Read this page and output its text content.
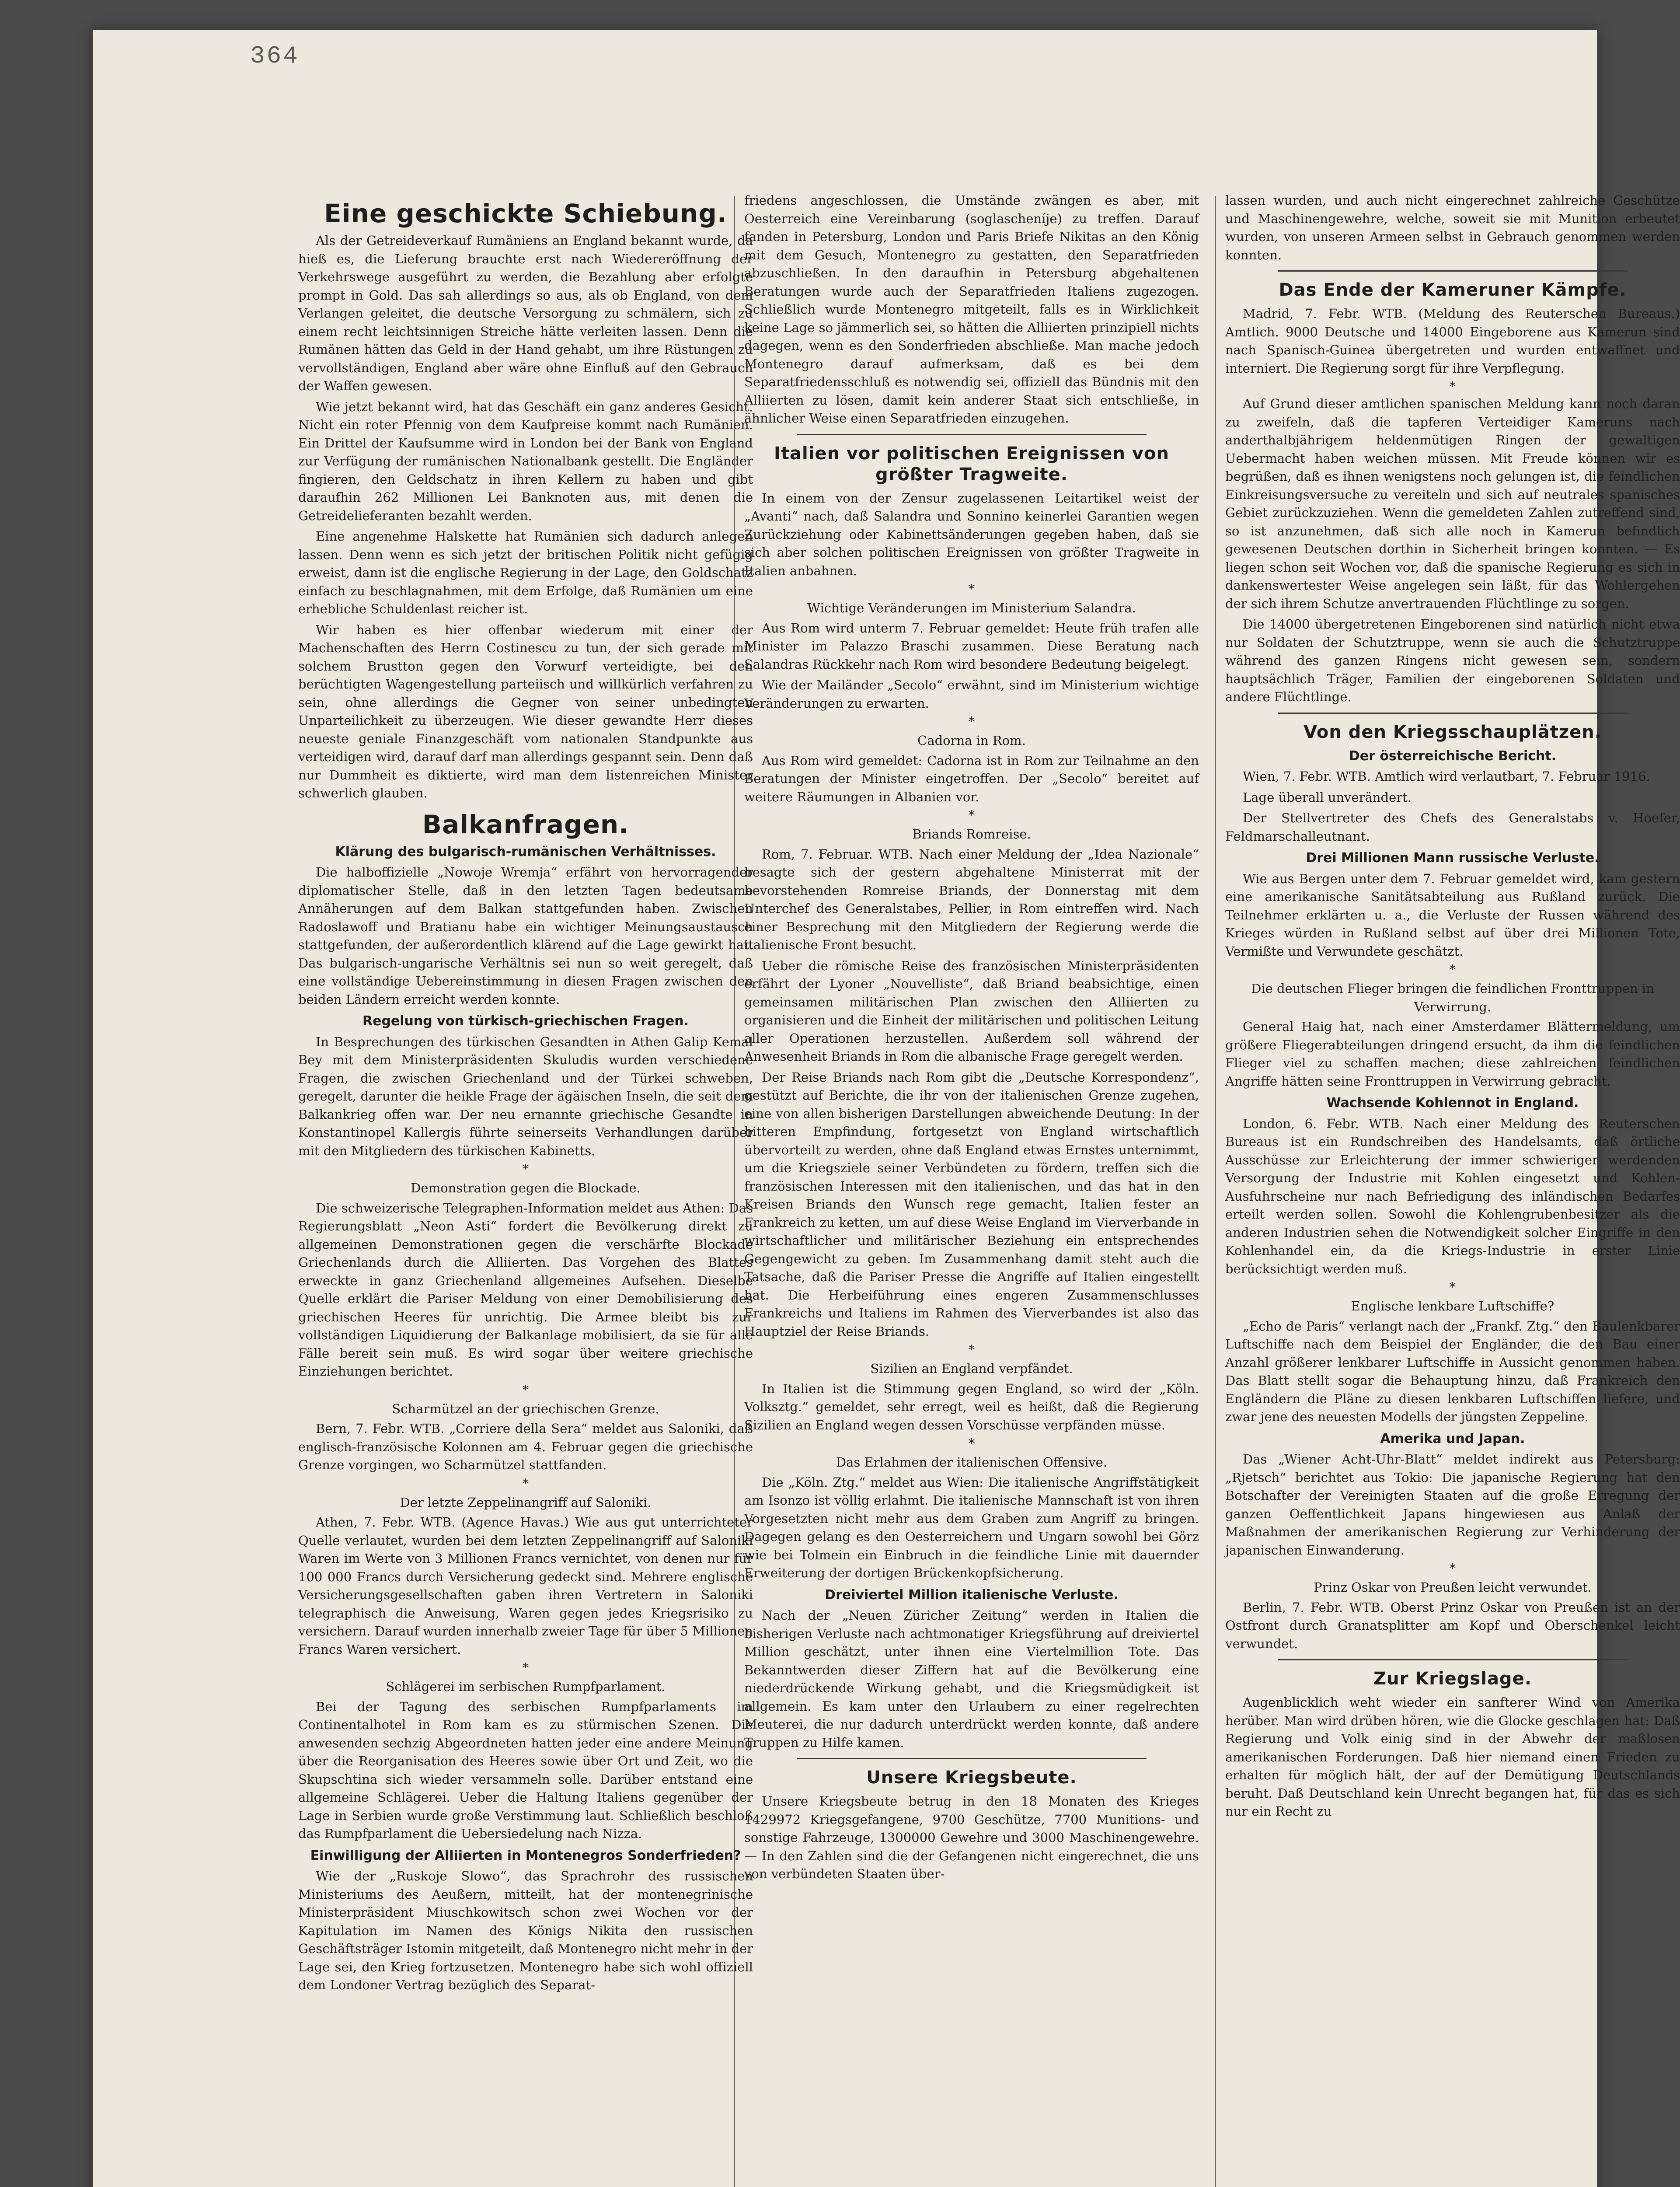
364
Eine geschickte Schiebung.

Als der Getreideverkauf Rumäniens an England bekannt wurde, da hieß es, die Lieferung brauchte erst nach Wiedereröffnung der Verkehrswege ausgeführt zu werden, die Bezahlung aber erfolgte prompt in Gold. Das sah allerdings so aus, als ob England, von dem Verlangen geleitet, die deutsche Versorgung zu schmälern, sich zu einem recht leichtsinnigen Streiche hätte verleiten lassen. Denn die Rumänen hätten das Geld in der Hand gehabt, um ihre Rüstungen zu vervollständigen, England aber wäre ohne Einfluß auf den Gebrauch der Waffen gewesen.

Wie jetzt bekannt wird, hat das Geschäft ein ganz anderes Gesicht. Nicht ein roter Pfennig von dem Kaufpreise kommt nach Rumänien. Ein Drittel der Kaufsumme wird in London bei der Bank von England zur Verfügung der rumänischen Nationalbank gestellt. Die Engländer fingieren, den Geldschatz in ihren Kellern zu haben und gibt daraufhin 262 Millionen Lei Banknoten aus, mit denen die Getreidelieferanten bezahlt werden.

Eine angenehme Halskette hat Rumänien sich dadurch anlegen lassen. Denn wenn es sich jetzt der britischen Politik nicht gefügig erweist, dann ist die englische Regierung in der Lage, den Goldschatz einfach zu beschlagnahmen, mit dem Erfolge, daß Rumänien um eine erhebliche Schuldenlast reicher ist.

Wir haben es hier offenbar wiederum mit einer der Machenschaften des Herrn Costinescu zu tun, der sich gerade mit solchem Brustton gegen den Vorwurf verteidigte, bei den berüchtigten Wagengestellung parteiisch und willkürlich verfahren zu sein, ohne allerdings die Gegner von seiner unbedingten Unparteilichkeit zu überzeugen. Wie dieser gewandte Herr dieses neueste geniale Finanzgeschäft vom nationalen Standpunkte aus verteidigen wird, darauf darf man allerdings gespannt sein. Denn daß nur Dummheit es diktierte, wird man dem listenreichen Minister schwerlich glauben.

Balkanfragen.
Klärung des bulgarisch-rumänischen Verhältnisses.

Die halboffizielle „Nowoje Wremja“ erfährt von hervorragender diplomatischer Stelle, daß in den letzten Tagen bedeutsame Annäherungen auf dem Balkan stattgefunden haben. Zwischen Radoslawoff und Bratianu habe ein wichtiger Meinungsaustausch stattgefunden, der außerordentlich klärend auf die Lage gewirkt hat. Das bulgarisch-ungarische Verhältnis sei nun so weit geregelt, daß eine vollständige Uebereinstimmung in diesen Fragen zwischen den beiden Ländern erreicht werden konnte.

Regelung von türkisch-griechischen Fragen.

In Besprechungen des türkischen Gesandten in Athen Galip Kemal Bey mit dem Ministerpräsidenten Skuludis wurden verschiedene Fragen, die zwischen Griechenland und der Türkei schweben, geregelt, darunter die heikle Frage der ägäischen Inseln, die seit dem Balkankrieg offen war. Der neu ernannte griechische Gesandte in Konstantinopel Kallergis führte seinerseits Verhandlungen darüber mit den Mitgliedern des türkischen Kabinetts.

*
Demonstration gegen die Blockade.

Die schweizerische Telegraphen-Information meldet aus Athen: Das Regierungsblatt „Neon Asti“ fordert die Bevölkerung direkt zu allgemeinen Demonstrationen gegen die verschärfte Blockade Griechenlands durch die Alliierten. Das Vorgehen des Blattes erweckte in ganz Griechenland allgemeines Aufsehen. Dieselbe Quelle erklärt die Pariser Meldung von einer Demobilisierung des griechischen Heeres für unrichtig. Die Armee bleibt bis zur vollständigen Liquidierung der Balkanlage mobilisiert, da sie für alle Fälle bereit sein muß. Es wird sogar über weitere griechische Einziehungen berichtet.

*
Scharmützel an der griechischen Grenze.

Bern, 7. Febr. WTB. „Corriere della Sera“ meldet aus Saloniki, daß englisch-französische Kolonnen am 4. Februar gegen die griechische Grenze vorgingen, wo Scharmützel stattfanden.

*
Der letzte Zeppelinangriff auf Saloniki.

Athen, 7. Febr. WTB. (Agence Havas.) Wie aus gut unterrichteter Quelle verlautet, wurden bei dem letzten Zeppelinangriff auf Saloniki Waren im Werte von 3 Millionen Francs vernichtet, von denen nur für 100 000 Francs durch Versicherung gedeckt sind. Mehrere englische Versicherungsgesellschaften gaben ihren Vertretern in Saloniki telegraphisch die Anweisung, Waren gegen jedes Kriegsrisiko zu versichern. Darauf wurden innerhalb zweier Tage für über 5 Millionen Francs Waren versichert.

*
Schlägerei im serbischen Rumpfparlament.

Bei der Tagung des serbischen Rumpfparlaments im Continentalhotel in Rom kam es zu stürmischen Szenen. Die anwesenden sechzig Abgeordneten hatten jeder eine andere Meinung über die Reorganisation des Heeres sowie über Ort und Zeit, wo die Skupschtina sich wieder versammeln solle. Darüber entstand eine allgemeine Schlägerei. Ueber die Haltung Italiens gegenüber der Lage in Serbien wurde große Verstimmung laut. Schließlich beschloß das Rumpfparlament die Uebersiedelung nach Nizza.

Einwilligung der Alliierten in Montenegros Sonderfrieden?

Wie der „Ruskoje Slowo“, das Sprachrohr des russischen Ministeriums des Aeußern, mitteilt, hat der montenegrinische Ministerpräsident Miuschkowitsch schon zwei Wochen vor der Kapitulation im Namen des Königs Nikita den russischen Geschäftsträger Istomin mitgeteilt, daß Montenegro nicht mehr in der Lage sei, den Krieg fortzusetzen. Montenegro habe sich wohl offiziell dem Londoner Vertrag bezüglich des Separat-

friedens angeschlossen, die Umstände zwängen es aber, mit Oesterreich eine Vereinbarung (soglascheníje) zu treffen. Darauf fanden in Petersburg, London und Paris Briefe Nikitas an den König mit dem Gesuch, Montenegro zu gestatten, den Separatfrieden abzuschließen. In den daraufhin in Petersburg abgehaltenen Beratungen wurde auch der Separatfrieden Italiens zugezogen. Schließlich wurde Montenegro mitgeteilt, falls es in Wirklichkeit keine Lage so jämmerlich sei, so hätten die Alliierten prinzipiell nichts dagegen, wenn es den Sonderfrieden abschließe. Man mache jedoch Montenegro darauf aufmerksam, daß es bei dem Separatfriedensschluß es notwendig sei, offiziell das Bündnis mit den Alliierten zu lösen, damit kein anderer Staat sich entschließe, in ähnlicher Weise einen Separatfrieden einzugehen.

Italien vor politischen Ereignissen von größter Tragweite.

In einem von der Zensur zugelassenen Leitartikel weist der „Avanti“ nach, daß Salandra und Sonnino keinerlei Garantien wegen Zurückziehung oder Kabinettsänderungen gegeben haben, daß sie sich aber solchen politischen Ereignissen von größter Tragweite in Italien anbahnen.

*
Wichtige Veränderungen im Ministerium Salandra.

Aus Rom wird unterm 7. Februar gemeldet: Heute früh trafen alle Minister im Palazzo Braschi zusammen. Diese Beratung nach Salandras Rückkehr nach Rom wird besondere Bedeutung beigelegt.

Wie der Mailänder „Secolo“ erwähnt, sind im Ministerium wichtige Veränderungen zu erwarten.

*
Cadorna in Rom.

Aus Rom wird gemeldet: Cadorna ist in Rom zur Teilnahme an den Beratungen der Minister eingetroffen. Der „Secolo“ bereitet auf weitere Räumungen in Albanien vor.

*
Briands Romreise.

Rom, 7. Februar. WTB. Nach einer Meldung der „Idea Nazionale“ besagte sich der gestern abgehaltene Ministerrat mit der bevorstehenden Romreise Briands, der Donnerstag mit dem Unterchef des Generalstabes, Pellier, in Rom eintreffen wird. Nach einer Besprechung mit den Mitgliedern der Regierung werde die italienische Front besucht.

Ueber die römische Reise des französischen Ministerpräsidenten erfährt der Lyoner „Nouvelliste“, daß Briand beabsichtige, einen gemeinsamen militärischen Plan zwischen den Alliierten zu organisieren und die Einheit der militärischen und politischen Leitung aller Operationen herzustellen. Außerdem soll während der Anwesenheit Briands in Rom die albanische Frage geregelt werden.

Der Reise Briands nach Rom gibt die „Deutsche Korrespondenz“, gestützt auf Berichte, die ihr von der italienischen Grenze zugehen, eine von allen bisherigen Darstellungen abweichende Deutung: In der bitteren Empfindung, fortgesetzt von England wirtschaftlich übervorteilt zu werden, ohne daß England etwas Ernstes unternimmt, um die Kriegsziele seiner Verbündeten zu fördern, treffen sich die französischen Interessen mit den italienischen, und das hat in den Kreisen Briands den Wunsch rege gemacht, Italien fester an Frankreich zu ketten, um auf diese Weise England im Vierverbande in wirtschaftlicher und militärischer Beziehung ein entsprechendes Gegengewicht zu geben. Im Zusammenhang damit steht auch die Tatsache, daß die Pariser Presse die Angriffe auf Italien eingestellt hat. Die Herbeiführung eines engeren Zusammenschlusses Frankreichs und Italiens im Rahmen des Vierverbandes ist also das Hauptziel der Reise Briands.

*
Sizilien an England verpfändet.

In Italien ist die Stimmung gegen England, so wird der „Köln. Volksztg.“ gemeldet, sehr erregt, weil es heißt, daß die Regierung Sizilien an England wegen dessen Vorschüsse verpfänden müsse.

*
Das Erlahmen der italienischen Offensive.

Die „Köln. Ztg.“ meldet aus Wien: Die italienische Angriffstätigkeit am Isonzo ist völlig erlahmt. Die italienische Mannschaft ist von ihren Vorgesetzten nicht mehr aus dem Graben zum Angriff zu bringen. Dagegen gelang es den Oesterreichern und Ungarn sowohl bei Görz wie bei Tolmein ein Einbruch in die feindliche Linie mit dauernder Erweiterung der dortigen Brückenkopfsicherung.

Dreiviertel Million italienische Verluste.

Nach der „Neuen Züricher Zeitung“ werden in Italien die bisherigen Verluste nach achtmonatiger Kriegsführung auf dreiviertel Million geschätzt, unter ihnen eine Viertelmillion Tote. Das Bekanntwerden dieser Ziffern hat auf die Bevölkerung eine niederdrückende Wirkung gehabt, und die Kriegsmüdigkeit ist allgemein. Es kam unter den Urlaubern zu einer regelrechten Meuterei, die nur dadurch unterdrückt werden konnte, daß andere Truppen zu Hilfe kamen.

Unsere Kriegsbeute.

Unsere Kriegsbeute betrug in den 18 Monaten des Krieges 1429972 Kriegsgefangene, 9700 Geschütze, 7700 Munitions- und sonstige Fahrzeuge, 1300000 Gewehre und 3000 Maschinengewehre. — In den Zahlen sind die der Gefangenen nicht eingerechnet, die uns von verbündeten Staaten über-

lassen wurden, und auch nicht eingerechnet zahlreiche Geschütze und Maschinengewehre, welche, soweit sie mit Munition erbeutet wurden, von unseren Armeen selbst in Gebrauch genommen werden konnten.

Das Ende der Kameruner Kämpfe.

Madrid, 7. Febr. WTB. (Meldung des Reuterschen Bureaus.) Amtlich. 9000 Deutsche und 14000 Eingeborene aus Kamerun sind nach Spanisch-Guinea übergetreten und wurden entwaffnet und interniert. Die Regierung sorgt für ihre Verpflegung.

*

Auf Grund dieser amtlichen spanischen Meldung kann noch daran zu zweifeln, daß die tapferen Verteidiger Kameruns nach anderthalbjährigem heldenmütigen Ringen der gewaltigen Uebermacht haben weichen müssen. Mit Freude können wir es begrüßen, daß es ihnen wenigstens noch gelungen ist, die feindlichen Einkreisungsversuche zu vereiteln und sich auf neutrales spanisches Gebiet zurückzuziehen. Wenn die gemeldeten Zahlen zutreffend sind, so ist anzunehmen, daß sich alle noch in Kamerun befindlich gewesenen Deutschen dorthin in Sicherheit bringen konnten. — Es liegen schon seit Wochen vor, daß die spanische Regierung es sich in dankenswertester Weise angelegen sein läßt, für das Wohlergehen der sich ihrem Schutze anvertrauenden Flüchtlinge zu sorgen.

Die 14000 übergetretenen Eingeborenen sind natürlich nicht etwa nur Soldaten der Schutztruppe, wenn sie auch die Schutztruppe während des ganzen Ringens nicht gewesen sein, sondern hauptsächlich Träger, Familien der eingeborenen Soldaten und andere Flüchtlinge.

Von den Kriegsschauplätzen.
Der österreichische Bericht.

Wien, 7. Febr. WTB. Amtlich wird verlautbart, 7. Februar 1916.

Lage überall unverändert.

Der Stellvertreter des Chefs des Generalstabs v. Hoefer, Feldmarschalleutnant.

Drei Millionen Mann russische Verluste.

Wie aus Bergen unter dem 7. Februar gemeldet wird, kam gestern eine amerikanische Sanitätsabteilung aus Rußland zurück. Die Teilnehmer erklärten u. a., die Verluste der Russen während des Krieges würden in Rußland selbst auf über drei Millionen Tote, Vermißte und Verwundete geschätzt.

*
Die deutschen Flieger bringen die feindlichen Fronttruppen in Verwirrung.

General Haig hat, nach einer Amsterdamer Blättermeldung, um größere Fliegerabteilungen dringend ersucht, da ihm die feindlichen Flieger viel zu schaffen machen; diese zahlreichen feindlichen Angriffe hätten seine Fronttruppen in Verwirrung gebracht.

Wachsende Kohlennot in England.

London, 6. Febr. WTB. Nach einer Meldung des Reuterschen Bureaus ist ein Rundschreiben des Handelsamts, daß örtliche Ausschüsse zur Erleichterung der immer schwieriger werdenden Versorgung der Industrie mit Kohlen eingesetzt und Kohlen-Ausfuhrscheine nur nach Befriedigung des inländischen Bedarfes erteilt werden sollen. Sowohl die Kohlengrubenbesitzer als die anderen Industrien sehen die Notwendigkeit solcher Eingriffe in den Kohlenhandel ein, da die Kriegs-Industrie in erster Linie berücksichtigt werden muß.

*
Englische lenkbare Luftschiffe?

„Echo de Paris“ verlangt nach der „Frankf. Ztg.“ den Baulenkbarer Luftschiffe nach dem Beispiel der Engländer, die den Bau einer Anzahl größerer lenkbarer Luftschiffe in Aussicht genommen haben. Das Blatt stellt sogar die Behauptung hinzu, daß Frankreich den Engländern die Pläne zu diesen lenkbaren Luftschiffen liefere, und zwar jene des neuesten Modells der jüngsten Zeppeline.

Amerika und Japan.

Das „Wiener Acht-Uhr-Blatt“ meldet indirekt aus Petersburg: „Rjetsch“ berichtet aus Tokio: Die japanische Regierung hat den Botschafter der Vereinigten Staaten auf die große Erregung der ganzen Oeffentlichkeit Japans hingewiesen aus Anlaß der Maßnahmen der amerikanischen Regierung zur Verhinderung der japanischen Einwanderung.

*
Prinz Oskar von Preußen leicht verwundet.

Berlin, 7. Febr. WTB. Oberst Prinz Oskar von Preußen ist an der Ostfront durch Granatsplitter am Kopf und Oberschenkel leicht verwundet.

Zur Kriegslage.

Augenblicklich weht wieder ein sanfterer Wind von Amerika herüber. Man wird drüben hören, wie die Glocke geschlagen hat: Daß Regierung und Volk einig sind in der Abwehr der maßlosen amerikanischen Forderungen. Daß hier niemand einen Frieden zu erhalten für möglich hält, der auf der Demütigung Deutschlands beruht. Daß Deutschland kein Unrecht begangen hat, für das es sich nur ein Recht zu
